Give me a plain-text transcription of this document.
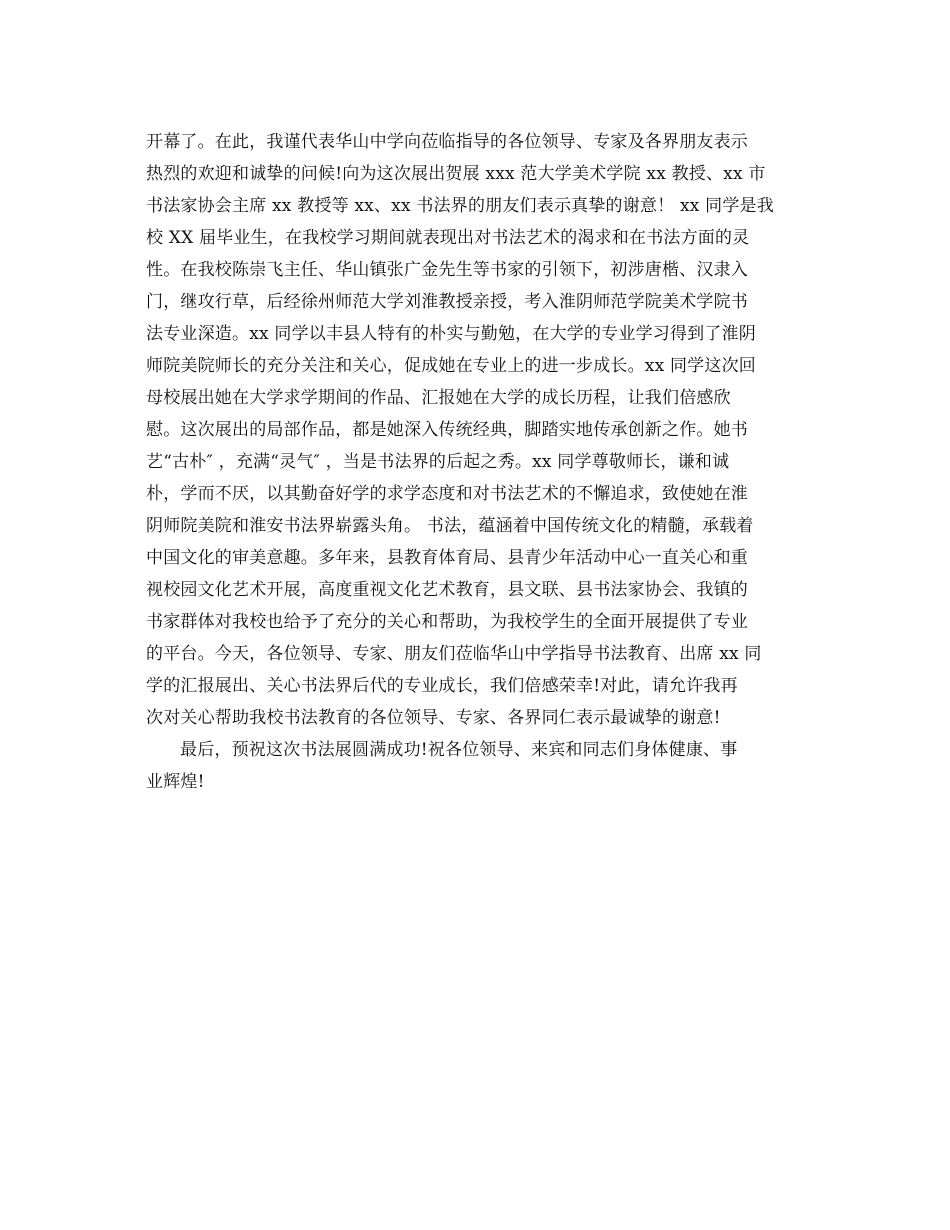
开幕了。在此，我谨代表华山中学向莅临指导的各位领导、专家及各界朋友表示
热烈的欢迎和诚挚的问候!向为这次展出贺展 xxx 范大学美术学院 xx 教授、xx 市
书法家协会主席 xx 教授等 xx、xx 书法界的朋友们表示真挚的谢意！ xx 同学是我
校 XX 届毕业生，在我校学习期间就表现出对书法艺术的渴求和在书法方面的灵
性。在我校陈崇飞主任、华山镇张广金先生等书家的引领下，初涉唐楷、汉隶入
门，继攻行草，后经徐州师范大学刘淮教授亲授，考入淮阴师范学院美术学院书
法专业深造。xx 同学以丰县人特有的朴实与勤勉，在大学的专业学习得到了淮阴
师院美院师长的充分关注和关心，促成她在专业上的进一步成长。xx 同学这次回
母校展出她在大学求学期间的作品、汇报她在大学的成长历程，让我们倍感欣
慰。这次展出的局部作品，都是她深入传统经典，脚踏实地传承创新之作。她书
艺“古朴″ ，充满“灵气″ ，当是书法界的后起之秀。xx 同学尊敬师长，谦和诚
朴，学而不厌，以其勤奋好学的求学态度和对书法艺术的不懈追求，致使她在淮
阴师院美院和淮安书法界崭露头角。 书法，蕴涵着中国传统文化的精髓，承载着
中国文化的审美意趣。多年来，县教育体育局、县青少年活动中心一直关心和重
视校园文化艺术开展，高度重视文化艺术教育，县文联、县书法家协会、我镇的
书家群体对我校也给予了充分的关心和帮助，为我校学生的全面开展提供了专业
的平台。今天，各位领导、专家、朋友们莅临华山中学指导书法教育、出席 xx 同
学的汇报展出、关心书法界后代的专业成长，我们倍感荣幸!对此，请允许我再
次对关心帮助我校书法教育的各位领导、专家、各界同仁表示最诚挚的谢意!
最后，预祝这次书法展圆满成功!祝各位领导、来宾和同志们身体健康、事
业辉煌!
